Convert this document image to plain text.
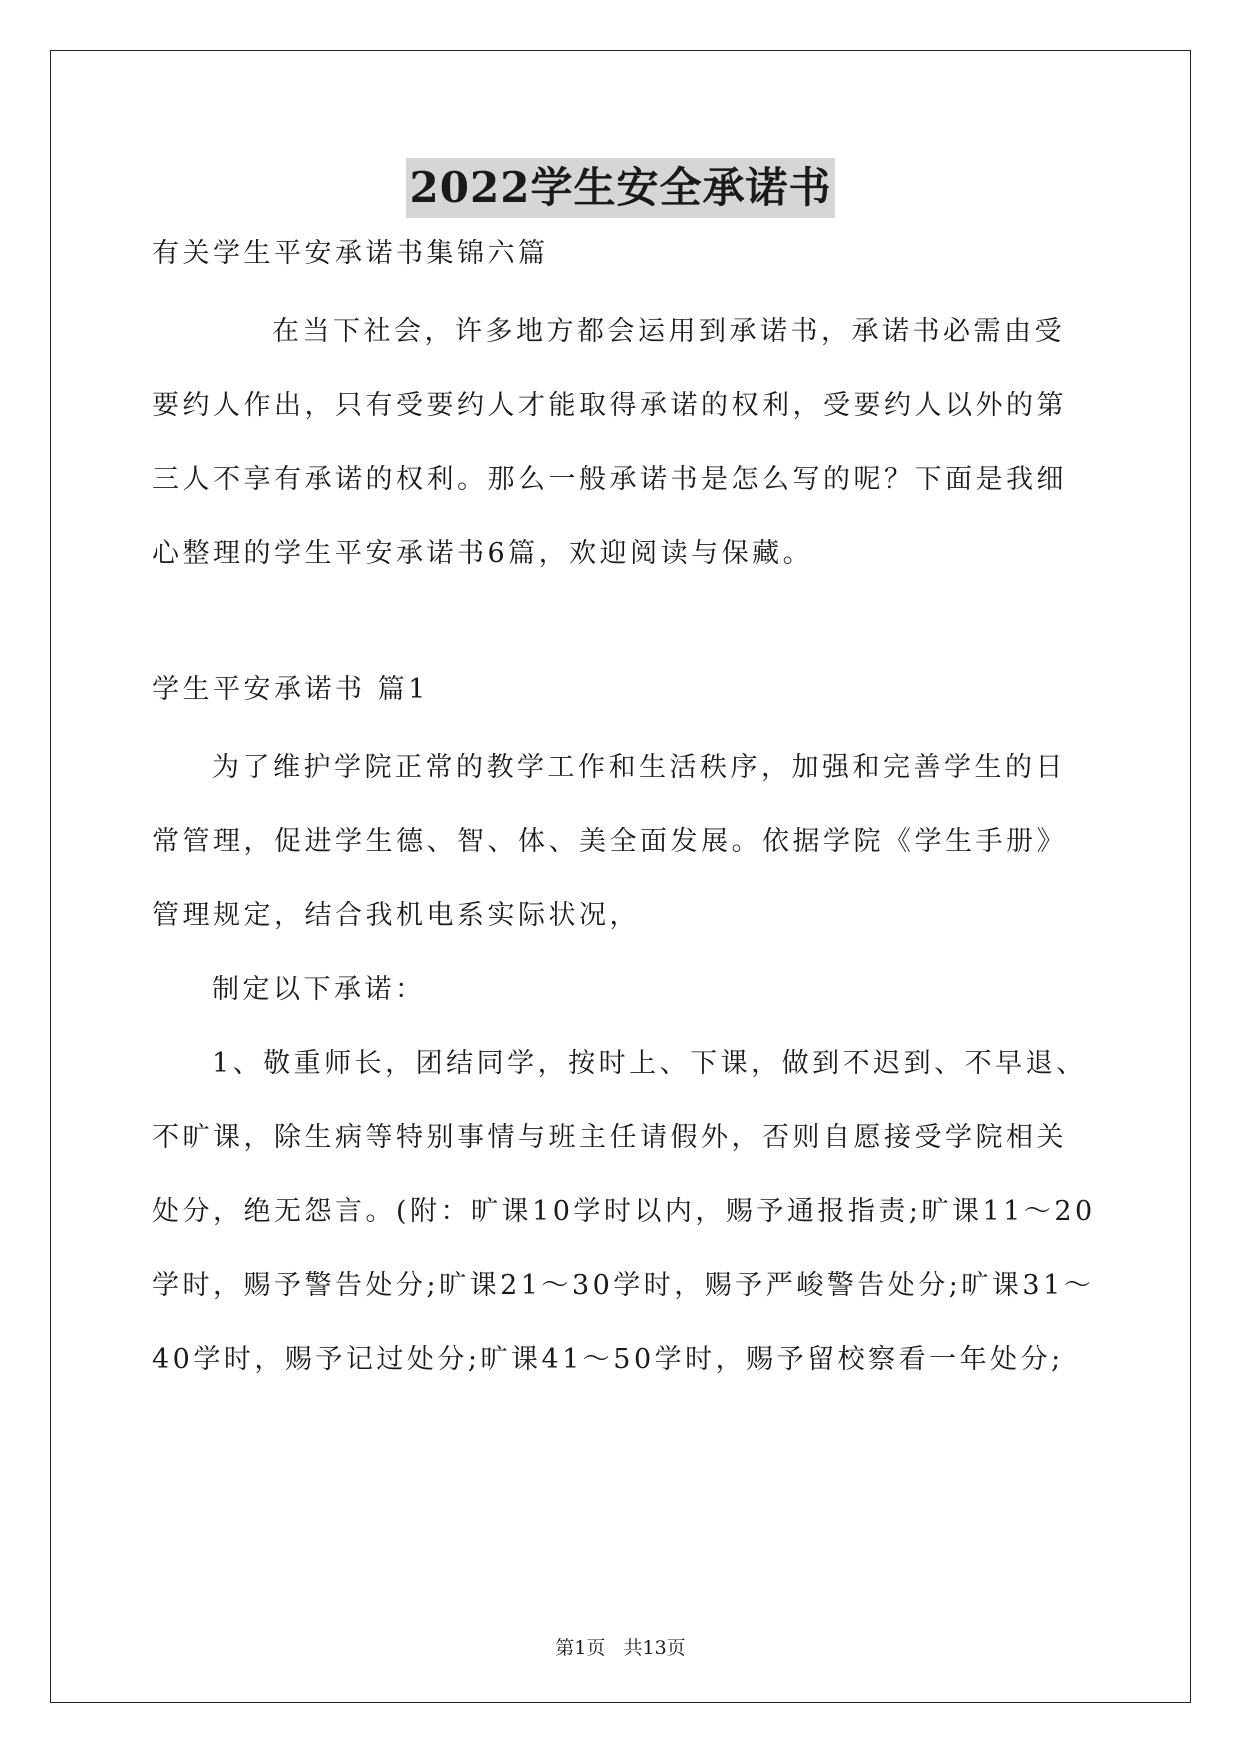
2022学生安全承诺书
有关学生平安承诺书集锦六篇
在当下社会，许多地方都会运用到承诺书，承诺书必需由受
要约人作出，只有受要约人才能取得承诺的权利，受要约人以外的第
三人不享有承诺的权利。那么一般承诺书是怎么写的呢？下面是我细
心整理的学生平安承诺书6篇，欢迎阅读与保藏。
学生平安承诺书 篇1
为了维护学院正常的教学工作和生活秩序，加强和完善学生的日
常管理，促进学生德、智、体、美全面发展。依据学院《学生手册》
管理规定，结合我机电系实际状况，
制定以下承诺：
1、敬重师长，团结同学，按时上、下课，做到不迟到、不早退、
不旷课，除生病等特别事情与班主任请假外，否则自愿接受学院相关
处分，绝无怨言。(附：旷课10学时以内，赐予通报指责;旷课11～20
学时，赐予警告处分;旷课21～30学时，赐予严峻警告处分;旷课31～
40学时，赐予记过处分;旷课41～50学时，赐予留校察看一年处分;
第1页   共13页
